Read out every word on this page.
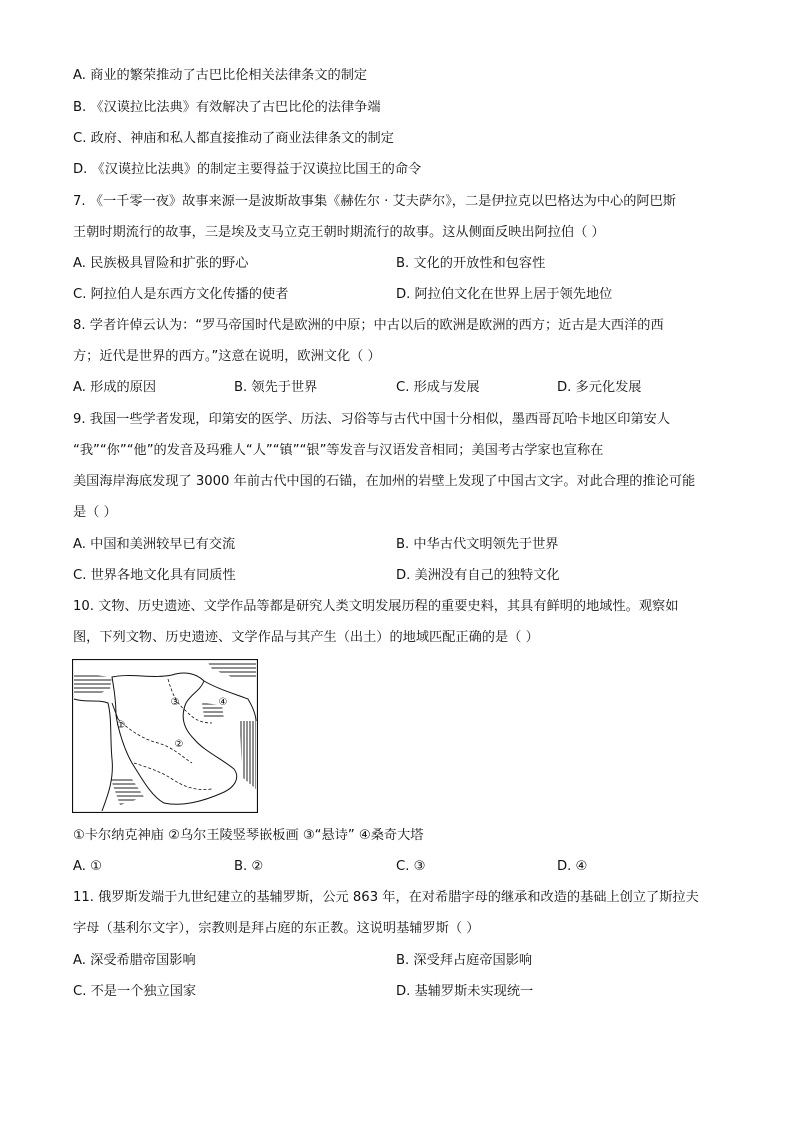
A. 商业的繁荣推动了古巴比伦相关法律条文的制定
B. 《汉谟拉比法典》有效解决了古巴比伦的法律争端
C. 政府、神庙和私人都直接推动了商业法律条文的制定
D. 《汉谟拉比法典》的制定主要得益于汉谟拉比国王的命令
7. 《一千零一夜》故事来源一是波斯故事集《赫佐尔 · 艾夫萨尔》，二是伊拉克以巴格达为中心的阿巴斯
王朝时期流行的故事，三是埃及支马立克王朝时期流行的故事。这从侧面反映出阿拉伯（ ）
A. 民族极具冒险和扩张的野心	B. 文化的开放性和包容性
C. 阿拉伯人是东西方文化传播的使者	D. 阿拉伯文化在世界上居于领先地位
8. 学者许倬云认为：“罗马帝国时代是欧洲的中原；中古以后的欧洲是欧洲的西方；近古是大西洋的西
方；近代是世界的西方。”这意在说明，欧洲文化（ ）
A. 形成的原因	B. 领先于世界	C. 形成与发展	D. 多元化发展
9. 我国一些学者发现，印第安的医学、历法、习俗等与古代中国十分相似，墨西哥瓦哈卡地区印第安人
“我”“你”“他”的发音及玛雅人“人”“镇”“银”等发音与汉语发音相同；美国考古学家也宣称在
美国海岸海底发现了 3000 年前古代中国的石锚，在加州的岩壁上发现了中国古文字。对此合理的推论可能
是（ ）
A. 中国和美洲较早已有交流	B. 中华古代文明领先于世界
C. 世界各地文化具有同质性	D. 美洲没有自己的独特文化
10. 文物、历史遗迹、文学作品等都是研究人类文明发展历程的重要史料，其具有鲜明的地域性。观察如
图，下列文物、历史遗迹、文学作品与其产生（出土）的地域匹配正确的是（ ）
③	④
①
②
①卡尔纳克神庙 ②乌尔王陵竖琴嵌板画 ③“悬诗” ④桑奇大塔
A. ①	B. ②	C. ③	D. ④
11. 俄罗斯发端于九世纪建立的基辅罗斯，公元 863 年，在对希腊字母的继承和改造的基础上创立了斯拉夫
字母（基利尔文字），宗教则是拜占庭的东正教。这说明基辅罗斯（ ）
A. 深受希腊帝国影响	B. 深受拜占庭帝国影响
C. 不是一个独立国家	D. 基辅罗斯未实现统一
